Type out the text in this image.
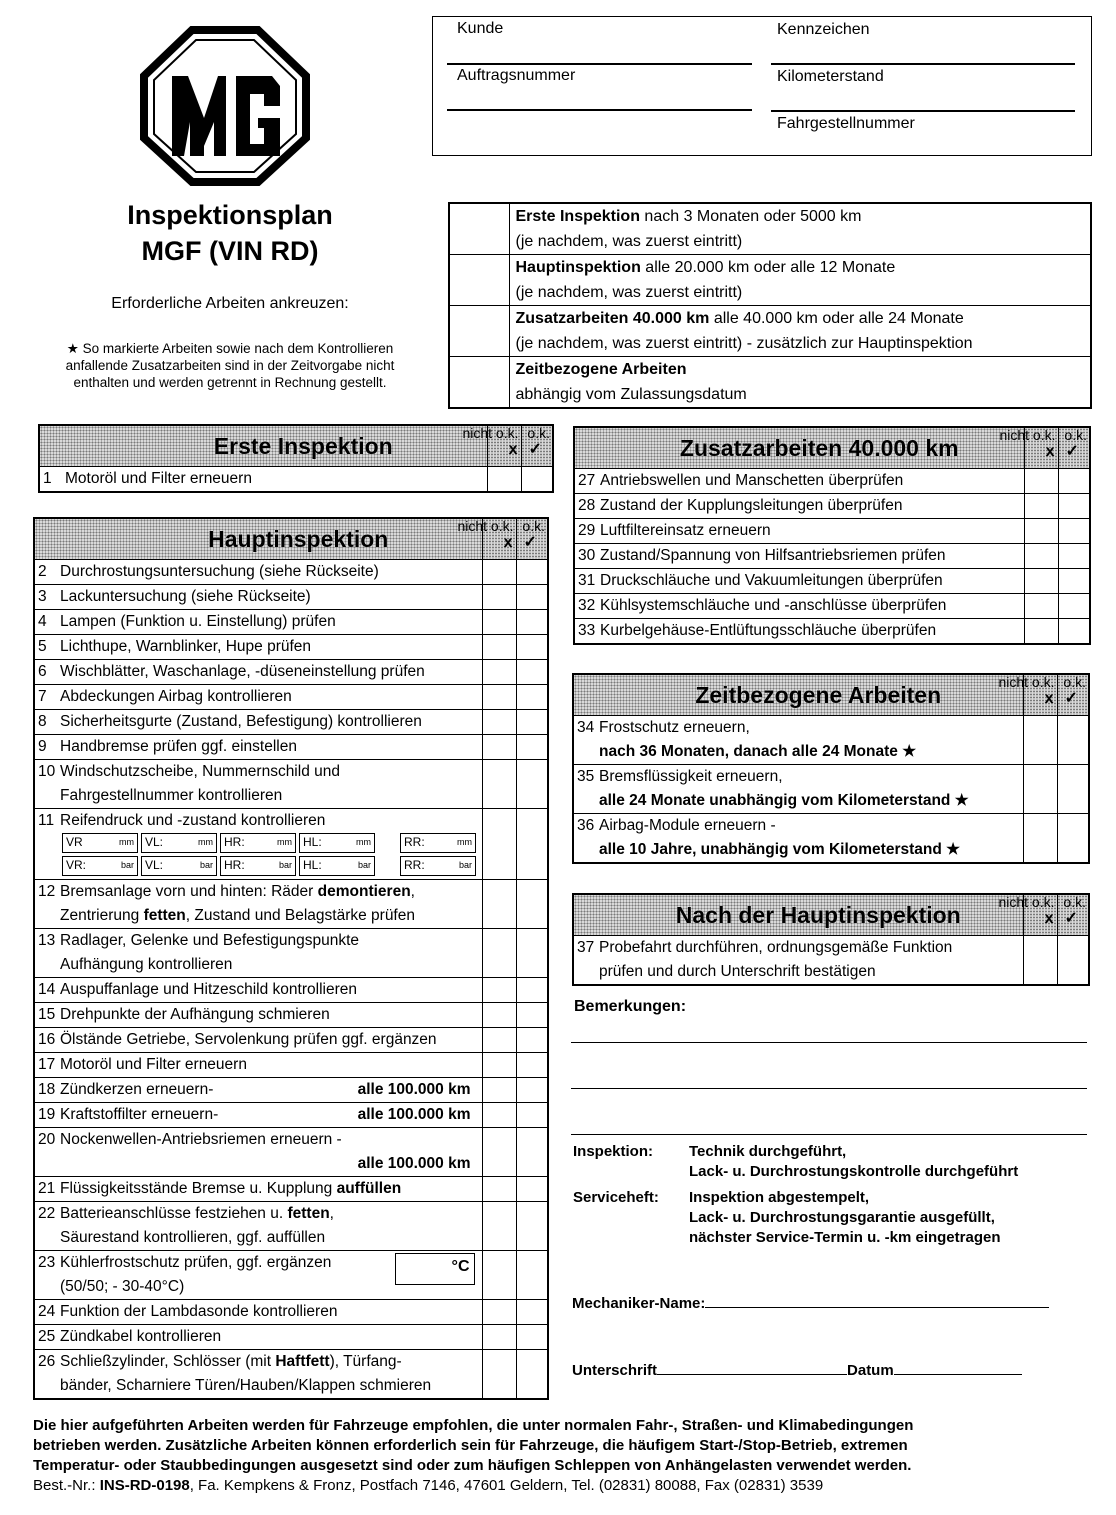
Inspektionsplan
MGF (VIN RD)
Erforderliche Arbeiten ankreuzen:
★ So markierte Arbeiten sowie nach dem Kontrollieren
anfallende Zusatzarbeiten sind in der Zeitvorgabe nicht
enthalten und werden getrennt in Rechnung gestellt.
Kunde	Kennzeichen
Auftragsnummer	Kilometerstand
Fahrgestellnummer
	Erste Inspektion nach 3 Monaten oder 5000 km
(je nachdem, was zuerst eintritt)
	Hauptinspektion alle 20.000 km oder alle 12 Monate
(je nachdem, was zuerst eintritt)
	Zusatzarbeiten 40.000 km alle 40.000 km oder alle 24 Monate
(je nachdem, was zuerst eintritt) - zusätzlich zur Hauptinspektion
	Zeitbezogene Arbeiten
abhängig vom Zulassungsdatum
Erste Inspektion	nicht o.k.
x

o.k.
✓

1 Motoröl und Filter erneuern		
Hauptinspektion	nicht o.k.
x

o.k.
✓

2 Durchrostungsuntersuchung (siehe Rückseite)		
3 Lackuntersuchung (siehe Rückseite)		
4 Lampen (Funktion u. Einstellung) prüfen		
5 Lichthupe, Warnblinker, Hupe prüfen		
6 Wischblätter, Waschanlage, -düseneinstellung prüfen		
7 Abdeckungen Airbag kontrollieren		
8 Sicherheitsgurte (Zustand, Befestigung) kontrollieren		
9 Handbremse prüfen ggf. einstellen		
10 Windschutzscheibe, Nummernschild und
Fahrgestellnummer kontrollieren		

11 Reifendruck und -zustand kontrollieren
VR	mm VL:	mm HR:	mm HL:	mm	RR:	mm
VR:	bar VL:	bar HR:	bar HL:	bar	RR:	bar

12 Bremsanlage vorn und hinten: Räder demontieren,
Zentrierung fetten, Zustand und Belagstärke prüfen		

13 Radlager, Gelenke und Befestigungspunkte
Aufhängung kontrollieren		

14 Auspuffanlage und Hitzeschild kontrollieren		
15 Drehpunkte der Aufhängung schmieren		
16 Ölstände Getriebe, Servolenkung prüfen ggf. ergänzen		
17 Motoröl und Filter erneuern		
18 Zündkerzen erneuern- alle 100.000 km		

19 Kraftstoffilter erneuern- alle 100.000 km		

20 Nockenwellen-Antriebsriemen erneuern -
alle 100.000 km		

21 Flüssigkeitsstände Bremse u. Kupplung auffüllen		
22 Batterieanschlüsse festziehen u. fetten,
Säurestand kontrollieren, ggf. auffüllen		

°C
23 Kühlerfrostschutz prüfen, ggf. ergänzen
(50/50; - 30-40°C)		

24 Funktion der Lambdasonde kontrollieren		
25 Zündkabel kontrollieren		
26 Schließzylinder, Schlösser (mit Haftfett), Türfang-
bänder, Scharniere Türen/Hauben/Klappen schmieren		

Zusatzarbeiten 40.000 km	nicht o.k.
x

o.k.
✓

27 Antriebswellen und Manschetten überprüfen		
28 Zustand der Kupplungsleitungen überprüfen		
29 Luftfiltereinsatz erneuern		
30 Zustand/Spannung von Hilfsantriebsriemen prüfen		
31 Druckschläuche und Vakuumleitungen überprüfen		
32 Kühlsystemschläuche und -anschlüsse überprüfen		
33 Kurbelgehäuse-Entlüftungsschläuche überprüfen		
Zeitbezogene Arbeiten	nicht o.k.
x

o.k.
✓

34 Frostschutz erneuern,
nach 36 Monaten, danach alle 24 Monate ★		

35 Bremsflüssigkeit erneuern,
alle 24 Monate unabhängig vom Kilometerstand ★		

36 Airbag-Module erneuern -
alle 10 Jahre, unabhängig vom Kilometerstand ★		

Nach der Hauptinspektion	nicht o.k.
x

o.k.
✓

37 Probefahrt durchführen, ordnungsgemäße Funktion
prüfen und durch Unterschrift bestätigen		

Bemerkungen:
Inspektion: Technik durchgeführt,
Lack- u. Durchrostungskontrolle durchgeführt
Serviceheft: Inspektion abgestempelt,
Lack- u. Durchrostungsgarantie ausgefüllt,
nächster Service-Termin u. -km eingetragen
Mechaniker-Name:
Unterschrift	Datum
Die hier aufgeführten Arbeiten werden für Fahrzeuge empfohlen, die unter normalen Fahr-, Straßen- und Klimabedingungen
betrieben werden. Zusätzliche Arbeiten können erforderlich sein für Fahrzeuge, die häufigem Start-/Stop-Betrieb, extremen
Temperatur- oder Staubbedingungen ausgesetzt sind oder zum häufigen Schleppen von Anhängelasten verwendet werden.
Best.-Nr.: INS-RD-0198, Fa. Kempkens & Fronz, Postfach 7146, 47601 Geldern, Tel. (02831) 80088, Fax (02831) 3539
